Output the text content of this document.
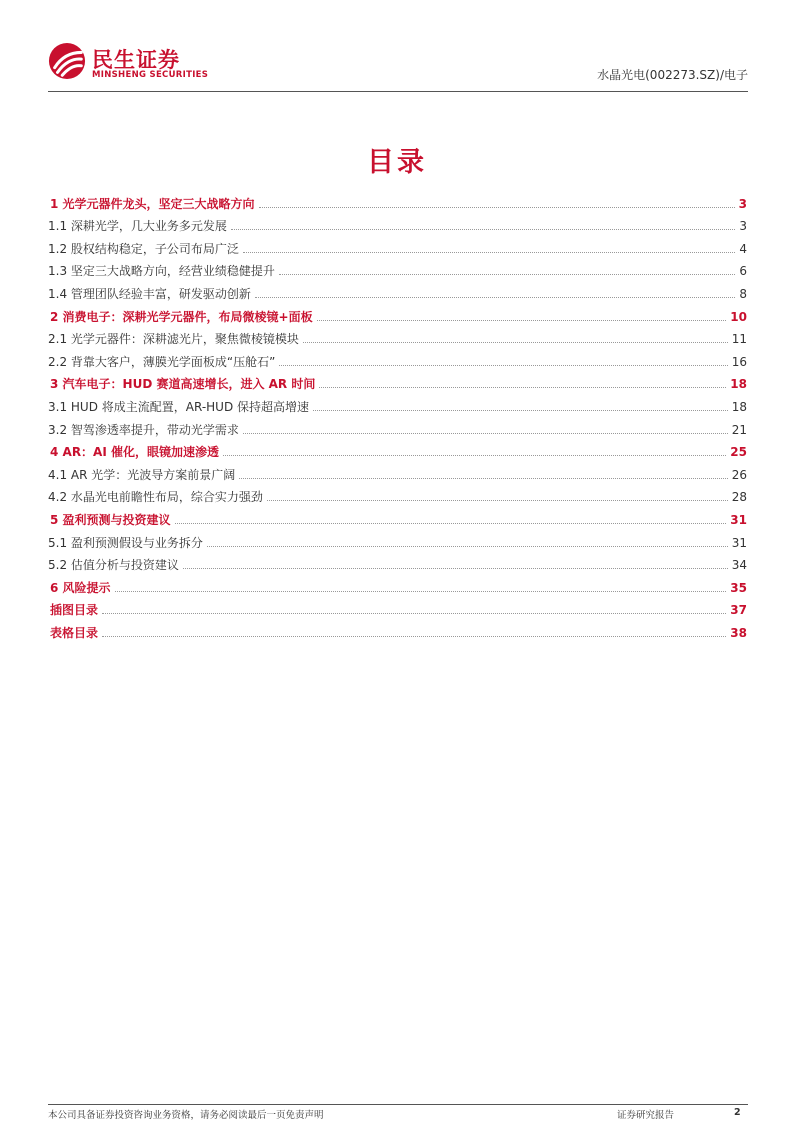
民生证券
MINSHENG SECURITIES	水晶光电(002273.SZ)/电子
目录
1 光学元器件龙头，坚定三大战略方向	3
1.1 深耕光学，几大业务多元发展	3
1.2 股权结构稳定，子公司布局广泛	4
1.3 坚定三大战略方向，经营业绩稳健提升	6
1.4 管理团队经验丰富，研发驱动创新	8
2 消费电子：深耕光学元器件，布局微棱镜+面板	10
2.1 光学元器件：深耕滤光片，聚焦微棱镜模块	11
2.2 背靠大客户，薄膜光学面板成“压舱石”	16
3 汽车电子：HUD 赛道高速增长，进入 AR 时间	18
3.1 HUD 将成主流配置，AR-HUD 保持超高增速	18
3.2 智驾渗透率提升，带动光学需求	21
4 AR：AI 催化，眼镜加速渗透	25
4.1 AR 光学：光波导方案前景广阔	26
4.2 水晶光电前瞻性布局，综合实力强劲	28
5 盈利预测与投资建议	31
5.1 盈利预测假设与业务拆分	31
5.2 估值分析与投资建议	34
6 风险提示	35
插图目录	37
表格目录	38
本公司具备证券投资咨询业务资格，请务必阅读最后一页免责声明	证券研究报告	2
